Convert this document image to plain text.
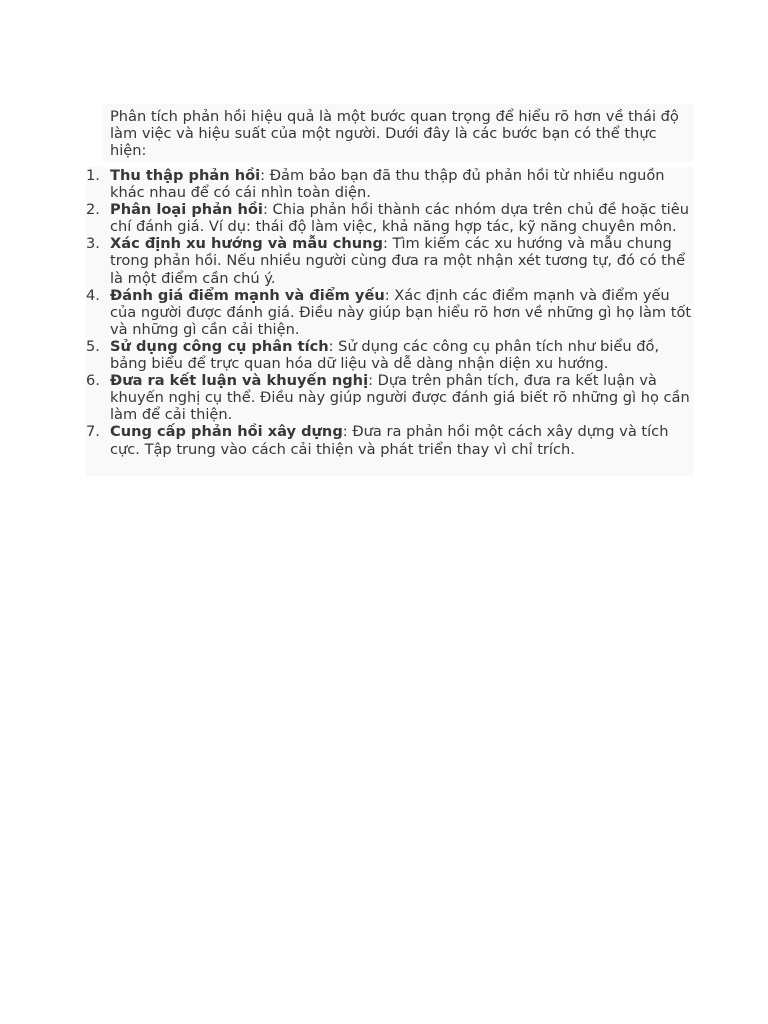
Phân tích phản hồi hiệu quả là một bước quan trọng để hiểu rõ hơn về thái độ làm việc và hiệu suất của một người. Dưới đây là các bước bạn có thể thực hiện:

1. Thu thập phản hồi: Đảm bảo bạn đã thu thập đủ phản hồi từ nhiều nguồn khác nhau để có cái nhìn toàn diện.
2. Phân loại phản hồi: Chia phản hồi thành các nhóm dựa trên chủ đề hoặc tiêu chí đánh giá. Ví dụ: thái độ làm việc, khả năng hợp tác, kỹ năng chuyên môn.
3. Xác định xu hướng và mẫu chung: Tìm kiếm các xu hướng và mẫu chung trong phản hồi. Nếu nhiều người cùng đưa ra một nhận xét tương tự, đó có thể là một điểm cần chú ý.
4. Đánh giá điểm mạnh và điểm yếu: Xác định các điểm mạnh và điểm yếu của người được đánh giá. Điều này giúp bạn hiểu rõ hơn về những gì họ làm tốt và những gì cần cải thiện.
5. Sử dụng công cụ phân tích: Sử dụng các công cụ phân tích như biểu đồ, bảng biểu để trực quan hóa dữ liệu và dễ dàng nhận diện xu hướng.
6. Đưa ra kết luận và khuyến nghị: Dựa trên phân tích, đưa ra kết luận và khuyến nghị cụ thể. Điều này giúp người được đánh giá biết rõ những gì họ cần làm để cải thiện.
7. Cung cấp phản hồi xây dựng: Đưa ra phản hồi một cách xây dựng và tích cực. Tập trung vào cách cải thiện và phát triển thay vì chỉ trích.
